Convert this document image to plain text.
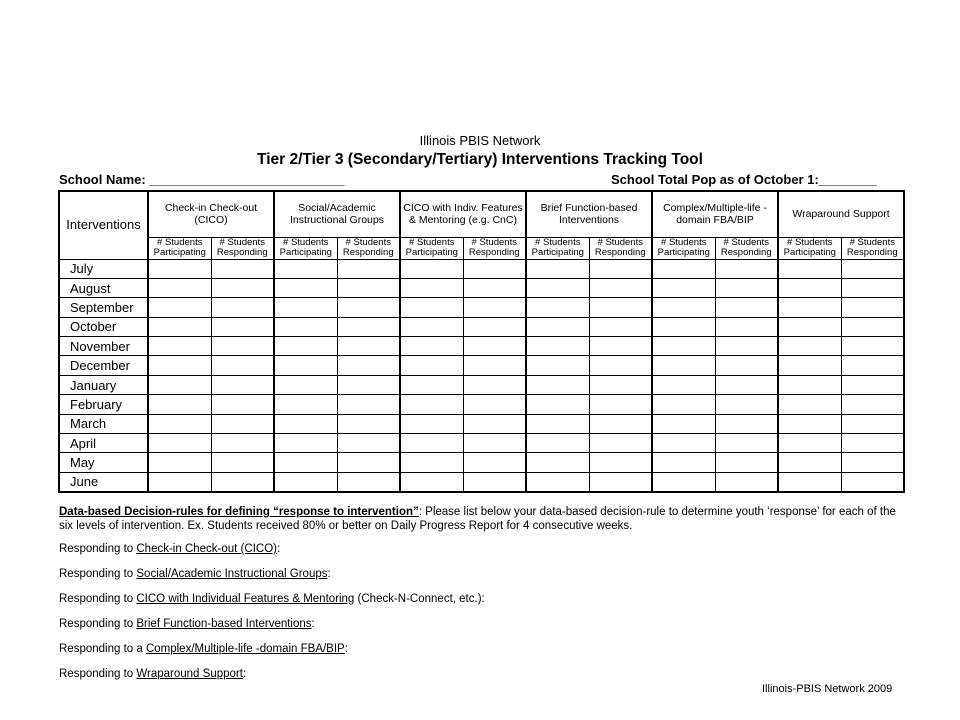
Illinois PBIS Network
Tier 2/Tier 3 (Secondary/Tertiary) Interventions Tracking Tool
School Name: ___________________________	School Total Pop as of October 1:________
Interventions	Check-in Check-out (CICO)		Social/Academic Instructional Groups		CICO with Indiv. Features & Mentoring (e.g. CnC)		Brief Function-based Interventions		Complex/Multiple-life - domain FBA/BIP		Wraparound Support	
	# Students Participating	# Students Responding	# Students Participating	# Students Responding	# Students Participating	# Students Responding	# Students Participating	# Students Responding	# Students Participating	# Students Responding	# Students Participating	# Students Responding
July												
August												
September												
October												
November												
December												
January												
February												
March												
April												
May												
June												
Data-based Decision-rules for defining “response to intervention”: Please list below your data-based decision-rule to determine youth ‘response’ for each of the six levels of intervention. Ex. Students received 80% or better on Daily Progress Report for 4 consecutive weeks.
Responding to Check-in Check-out (CICO):
Responding to Social/Academic Instructional Groups:
Responding to CICO with Individual Features & Mentoring (Check-N-Connect, etc.):
Responding to Brief Function-based Interventions:
Responding to a Complex/Multiple-life -domain FBA/BIP:
Responding to Wraparound Support:
Illinois-PBIS Network 2009
